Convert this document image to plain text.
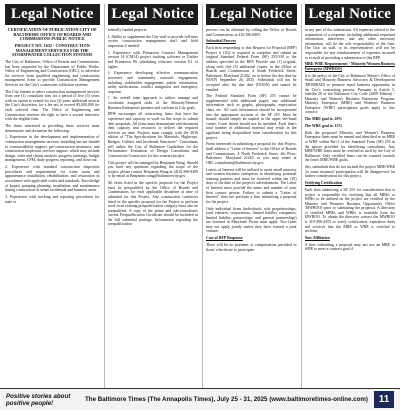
Legal Notice

CERTIFICATION OF PUBLICATION CITY OF BALTIMORE OFFICE OF BOARDS AND COMMISSIONS PUBLIC NOTICE

PROJECT NO. 1632 - CONSTRUCTION MANAGEMENT SERVICES FOR THE STORMWATER COLLECTION SYSTEMS

The City of Baltimore, Office of Boards and Commissions, has been requested by the Department of Public Works, Office of Engineering and Construction (OEC), to advertise for services from qualified engineering and construction management firms to provide Construction Management Services for the City's wastewater collection systems.

The City intends to select construction management services from one (1) consultant firm for a period of five (5) years with an option to extend for two (2) years additional term at the City's discretion, for a fee not to exceed $5,000,000 for each selected firm. The Office of Engineering and Construction reserves the right to have a second interview with the eligible firm.

The firms interested in providing these services must demonstrate and document the following:

1. Experience in the development and implementation of construction management services, including but not limited to constructability support, pre-construction assistance, and construction inspection services support, which may include design, order and claims analysis, progress meetings, budget management, CPM, daily progress reporting, and close out.

2. Experience with standard construction inspection procedures and requirements for water main and appurtenance installation, rehabilitation, and restoration in accordance with applicable codes and standards. Knowledge of bypass pumping planning, installation, and maintenance during construction in urban residential and business areas.

3. Experience with tracking and reporting procedures for state or

Legal Notice

federally funded projects.

4. Ability to supplement the City staff to provide full-time on-site construction management staff and field inspection if needed.

5. Experience with Primavera Contract Management version 14 (CM14) project tracking software or Unifier and Primavera P6 scheduling software, version 8.1 or higher.

6. Experience developing effective communication processes and community outreach engagement, including stakeholder engagement, public information, utility notifications, conflict mitigation, and emergency response.

7. An overall team approach to utilize, manage and coordinate assigned tasks of the Minority/Women Business Enterprises partners and conform to City goals.

DPW encourages all contracting firms that have the experience and capacity to work on this scope to submit their proposals. All firms must demonstrate and document their capacity and resources to deliver the required services on time. Projects must comply with the 2016 edition of "The Specifications for Materials, Highways, Bridges, Utilities and Incidental Structures". Consultants will utilize the City of Baltimore Guidelines for the Performance Evaluation of Design Consultants and Construction Contractors for this contract/project.

This project will be managed by Benjamin Wang. Should you have any questions regarding the scope of the project, please contact Benjamin Wang at (410) 396-9309 or by email at Benjamin.wang@baltimorecity.gov.

All firms listed in the specific proposal for the Project must be prequalified by the Office of Boards and Commissions for each applicable discipline at time of submittal for this Project. Any construction contractor listed in the specific proposal for the Project to perform work in an existing prequalification category must also be prequalified. A copy of the prime and sub-consultant's current Prequalification Certificate should be included in the full submittal package. Information regarding the prequalification

Legal Notice

process can be obtained by calling the Office of Boards and Commissions at 410.396.6883.

Submittal Process

Each firm responding to this Request for Proposal (RFP) Project # 1632 is required to complete and submit an original Standard Federal Form (SF) 255/330 to the address specified in the RFP. Provide one (1) original, along with five (5) additional copies, to the Office of Boards and Commissions 4 South Frederick Street, Baltimore, Maryland 21202, on or before the due date by NOON September 26, 2025. Submittals will not be accepted after the due date (NOON) and cannot be emailed.

The Federal Standard Form (SF) 255 cannot be supplemented with additional pages; any additional information such as graphs, photographs, expectation chart, etc. All such information should be incorporated into the appropriate sections of the SF 255. Must be bound; should simply be stapled in the upper left-hand corner. Cover sheets should not be included. Each firm's total number of additional material may result in the applicant being disqualified from consideration for this project.

Firms interested in submitting a proposal for this Project, shall address a "Letter of Interest" to the Office of Boards and Commissions, 4 North Frederick Street, 4th Floor, Baltimore, Maryland 21202 or you may email at OBC.consultants@baltimorecity.gov.

Letters of Interest will be utilized to assist small minority and women business enterprises in identifying potential teaming partners and must be received within ten (10) days of the date of the project's advertisement. The Letter of Interest must provide the name and number of your firm contact person. Failure to submit a "Letter of Interest" does not preclude a firm submitting a proposal for the project.

Only individual firms (individuals, sole proprietorships, joint ventures, corporations, limited liability companies, limited liability partnerships, and general partnerships) are licensed in Maryland. Firms must apply. Two firms may not apply jointly unless they have formed a joint venture.

Cost of RFP Response

There will be no payment or compensation provided to firms' who desire to participate

Legal Notice

in any part of the submission. All expenses related to the preparation of a response, including additional requested information, interviews, and any other necessary information, will be the sole responsibility of the firm. The City, its staff, or its representatives will not be responsible for any reimbursement of expenses incurred as a result of providing a submission to this RFP.

MBE/WBE Requirements - Minority/Women Business Enterprise (MWBOO)

It is the policy of the City of Baltimore Mayor's Office of Small and Minority Business Advocacy & Development (MOMBAD) to promote equal business opportunity in the City's contracting process. Pursuant to Article 5, Subtitle 28 of the Baltimore City Code (2009 Edition) - Minority and Women's Business Enterprise Program, Minority Enterprise (MBE) and Women's Business Enterprise (WBE) participation goals apply to this contract:

The MBE goal is: 20%

The WBE goal is: 15%

Both the proposed Minority and Women's Business Enterprise firms must be named and identified as an MBE or WBE within Part I of the Standard Form (SF) 255 in the spaces provided for identifying consultants. Any MBE/WBE firms must be certified as such by the City of Baltimore. Only certified firms can be counted towards the firm's MBE/WBE goals.

Any submittals that do not include the project MBE/WBE (or some instance) participation will be disapproved for further consideration for this project.

Verifying Certification

Each firm submitting a SF 255 for consideration that is project is responsible for verifying that all MBEs or WBEs to be utilized on the project are certified by the Minority and Women's Business Opportunity Office (MWBOO) prior to submitting the proposal. A directory of certified MBEs and WBEs is available from the MWBOO. To obtain the directory contact the MWBOO at 410-396-4355 or verify certification, expiration dates and services that the MBE or WBE is certified to perform.

Non-Affiliation

A firm submitting a proposal may not use an MBE or WBE to meet a contract goal if

Positive stories about positive people!	The Baltimore Times (The Annapolis Times), July 25 - 31, 2025 (www.baltimoretimes-online.com)	11
